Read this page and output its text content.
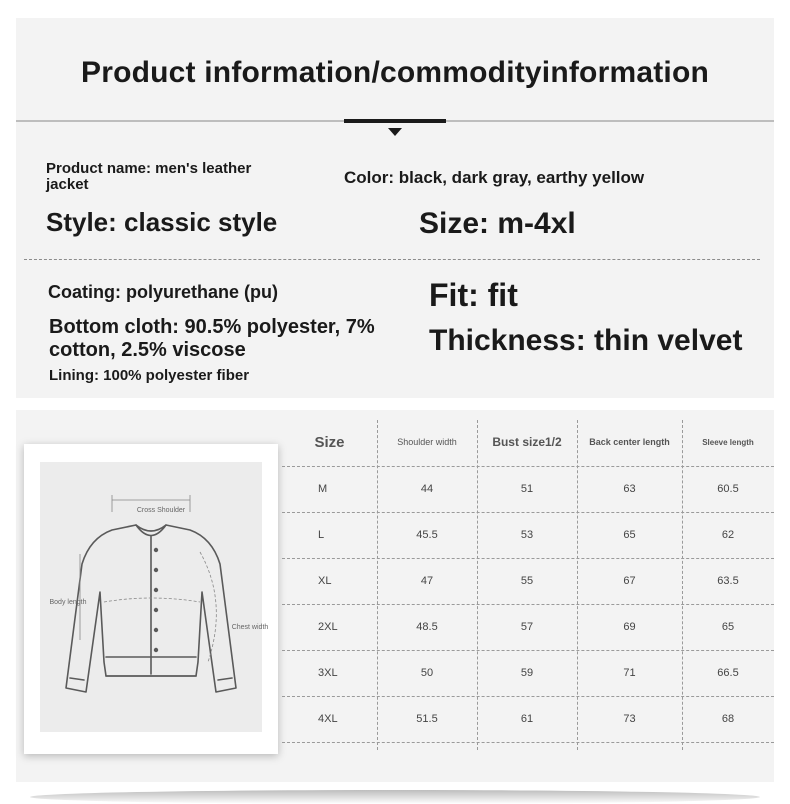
Product information/commodityinformation
Product name: men's leather jacket	Color: black, dark gray, earthy yellow
Style: classic style	Size: m-4xl
Coating: polyurethane (pu)	Fit: fit
Bottom cloth: 90.5% polyester, 7% cotton, 2.5% viscose	Thickness: thin velvet
Lining: 100% polyester fiber
Cross Shoulder
Body length
Chest width
Size	Shoulder width	Bust size1/2	Back center length	Sleeve length
M	44	51	63	60.5
L	45.5	53	65	62
XL	47	55	67	63.5
2XL	48.5	57	69	65
3XL	50	59	71	66.5
4XL	51.5	61	73	68
